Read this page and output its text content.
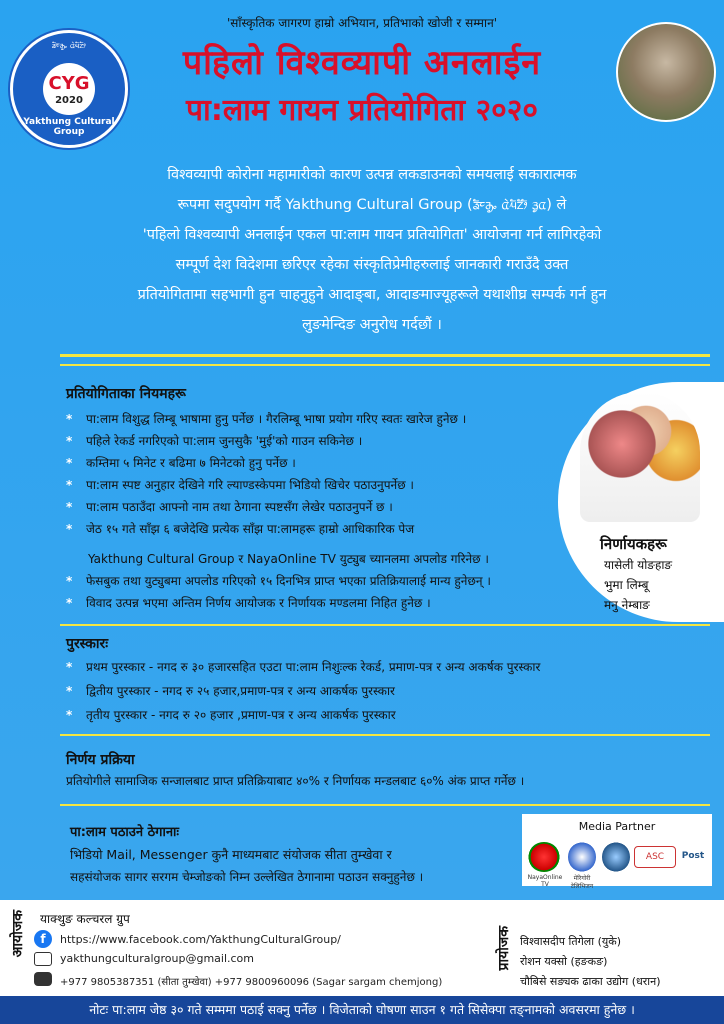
'साँस्कृतिक जागरण हाम्रो अभियान, प्रतिभाको खोजी र सम्मान'
ᤕᤠᤰᤌᤢᤱ ᤂᤧᤘᤠᤁᤥ
CYG
2020
Yakthung Cultural Group
पहिलो विश्वव्यापी अनलाईन
पा:लाम गायन प्रतियोगिता २०२०
विश्वव्यापी कोरोना महामारीको कारण उत्पन्न लकडाउनको समयलाई सकारात्मक
रूपमा सदुपयोग गर्दै Yakthung Cultural Group (ᤕᤠᤰᤌᤢᤱ ᤂᤧᤘᤠᤁᤥᤠ ᤋᤢᤂ) ले
'पहिलो विश्वव्यापी अनलाईन एकल पा:लाम गायन प्रतियोगिता' आयोजना गर्न लागिरहेको
सम्पूर्ण देश विदेशमा छरिएर रहेका संस्कृतिप्रेमीहरुलाई जानकारी गराउँदै उक्त
प्रतियोगितामा सहभागी हुन चाहनुहुने आदाङ्बा, आदाङमाज्यूहरूले यथाशीघ्र सम्पर्क गर्न हुन
लुङमेन्दिङ अनुरोध गर्दछौं ।
प्रतियोगिताका नियमहरू
* पा:लाम विशुद्ध लिम्बू भाषामा हुनु पर्नेछ । गैरलिम्बू भाषा प्रयोग गरिए स्वतः खारेज हुनेछ ।
* पहिले रेकर्ड नगरिएको पा:लाम जुनसुकै 'मुई'को गाउन सकिनेछ ।
* कम्तिमा ५ मिनेट र बढिमा ७ मिनेटको हुनु पर्नेछ ।
* पा:लाम स्पष्ट अनुहार देखिने गरि ल्याण्डस्केपमा भिडियो खिचेर पठाउनुपर्नेछ ।
* पा:लाम पठाउँदा आफ्नो नाम तथा ठेगाना स्पष्टसँग लेखेर पठाउनुपर्ने छ ।
* जेठ १५ गते साँझ ६ बजेदेखि प्रत्येक साँझ पा:लामहरू हाम्रो आधिकारिक पेज
Yakthung Cultural Group र NayaOnline TV युट्युब च्यानलमा अपलोड गरिनेछ ।
* फेसबुक तथा युट्युबमा अपलोड गरिएको १५ दिनभित्र प्राप्त भएका प्रतिक्रियालाई मान्य हुनेछन् ।
* विवाद उत्पन्न भएमा अन्तिम निर्णय आयोजक र निर्णायक मण्डलमा निहित हुनेछ ।
निर्णायकहरू
यासेली योङहाङ
भुमा लिम्बू
मनु नेम्बाङ
पुरस्कारः
* प्रथम पुरस्कार - नगद रु ३० हजारसहित एउटा पा:लाम निशुःल्क रेकर्ड, प्रमाण-पत्र र अन्य अकर्षक पुरस्कार
* द्वितीय पुरस्कार - नगद रु २५ हजार,प्रमाण-पत्र र अन्य आकर्षक पुरस्कार
* तृतीय पुरस्कार - नगद रु २० हजार ,प्रमाण-पत्र र अन्य आकर्षक पुरस्कार
निर्णय प्रक्रिया
प्रतियोगीले सामाजिक सन्जालबाट प्राप्त प्रतिक्रियाबाट ४०% र निर्णायक मन्डलबाट ६०% अंक प्राप्त गर्नेछ ।
पा:लाम पठाउने ठेगानाः
भिडियो Mail, Messenger कुनै माध्यमबाट संयोजक सीता तुम्खेवा र
सहसंयोजक सागर सरगम चेम्जोङको निम्न उल्लेखित ठेगानामा पठाउन सक्नुहुनेछ ।
Media Partner
NayaOnline TV
मेरिगोरी टेलिभिजन
ASC	Post
आयोजक याक्थुङ कल्चरल ग्रुप
f	https://www.facebook.com/YakthungCulturalGroup/
yakthungculturalgroup@gmail.com
+977 9805387351 (सीता तुम्खेवा) +977 9800960096 (Sagar sargam chemjong)
प्रायोजक विश्वासदीप तिगेला (युके)
रोशन यक्सो (हङकङ)
चौबिसे सङ्यक ढाका उद्योग (धरान)
नोटः पा:लाम जेष्ठ ३० गते सम्ममा पठाई सक्नु पर्नेछ । विजेताको घोषणा साउन १ गते सिसेक्पा तङ्नामको अवसरमा हुनेछ ।
